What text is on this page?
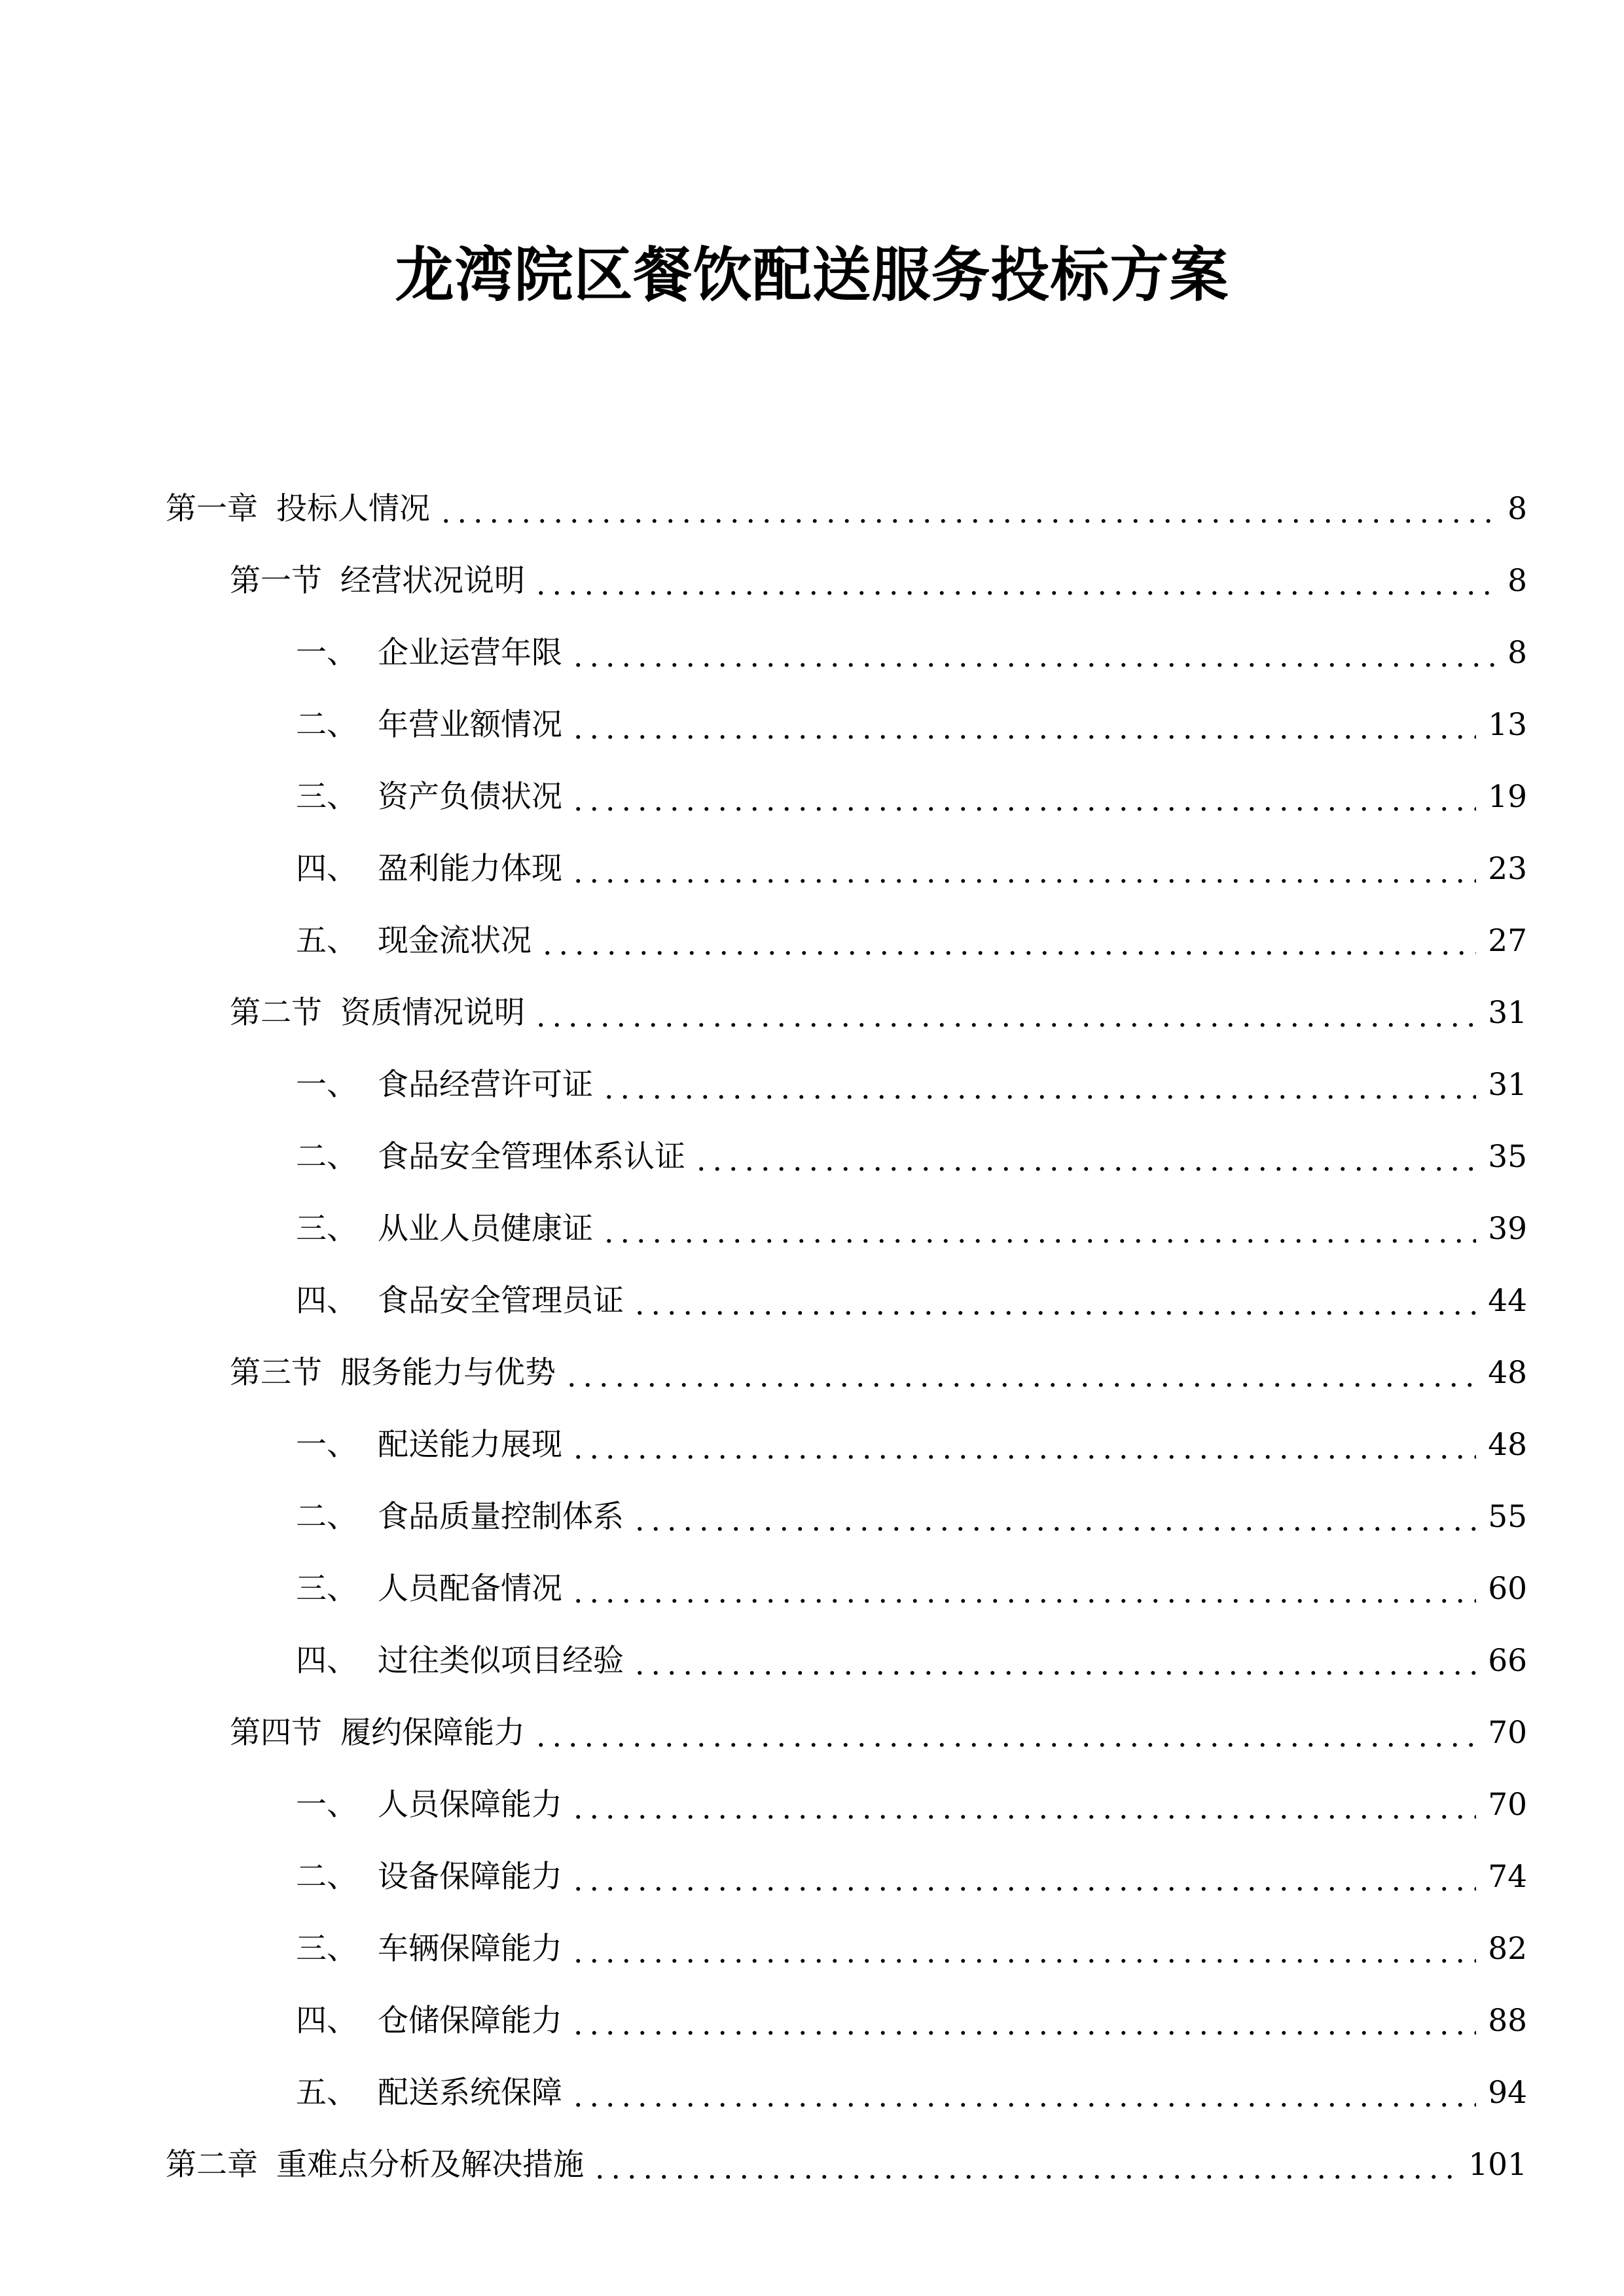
龙湾院区餐饮配送服务投标方案
第一章 投标人情况	8
第一节 经营状况说明	8
一、 企业运营年限	8
二、 年营业额情况	13
三、 资产负债状况	19
四、 盈利能力体现	23
五、 现金流状况	27
第二节 资质情况说明	31
一、 食品经营许可证	31
二、 食品安全管理体系认证	35
三、 从业人员健康证	39
四、 食品安全管理员证	44
第三节 服务能力与优势	48
一、 配送能力展现	48
二、 食品质量控制体系	55
三、 人员配备情况	60
四、 过往类似项目经验	66
第四节 履约保障能力	70
一、 人员保障能力	70
二、 设备保障能力	74
三、 车辆保障能力	82
四、 仓储保障能力	88
五、 配送系统保障	94
第二章 重难点分析及解决措施	101
